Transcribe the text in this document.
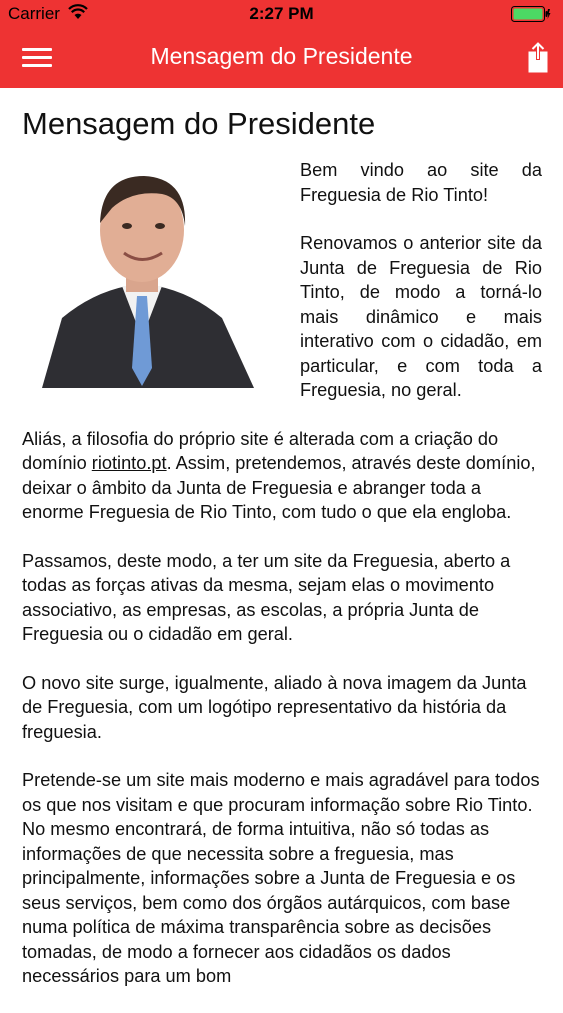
Carrier	2:27 PM
Mensagem do Presidente
Mensagem do Presidente

Bem vindo ao site da Freguesia de Rio Tinto!

Renovamos o anterior site da Junta de Freguesia de Rio Tinto, de modo a torná-lo mais dinâmico e mais interativo com o cidadão, em particular, e com toda a Freguesia, no geral.

Aliás, a filosofia do próprio site é alterada com a criação do domínio riotinto.pt. Assim, pretendemos, através deste domínio, deixar o âmbito da Junta de Freguesia e abranger toda a enorme Freguesia de Rio Tinto, com tudo o que ela engloba.

Passamos, deste modo, a ter um site da Freguesia, aberto a todas as forças ativas da mesma, sejam elas o movimento associativo, as empresas, as escolas, a própria Junta de Freguesia ou o cidadão em geral.

O novo site surge, igualmente, aliado à nova imagem da Junta de Freguesia, com um logótipo representativo da história da freguesia.

Pretende-se um site mais moderno e mais agradável para todos os que nos visitam e que procuram informação sobre Rio Tinto. No mesmo encontrará, de forma intuitiva, não só todas as informações de que necessita sobre a freguesia, mas principalmente, informações sobre a Junta de Freguesia e os seus serviços, bem como dos órgãos autárquicos, com base numa política de máxima transparência sobre as decisões tomadas, de modo a fornecer aos cidadãos os dados necessários para um bom
